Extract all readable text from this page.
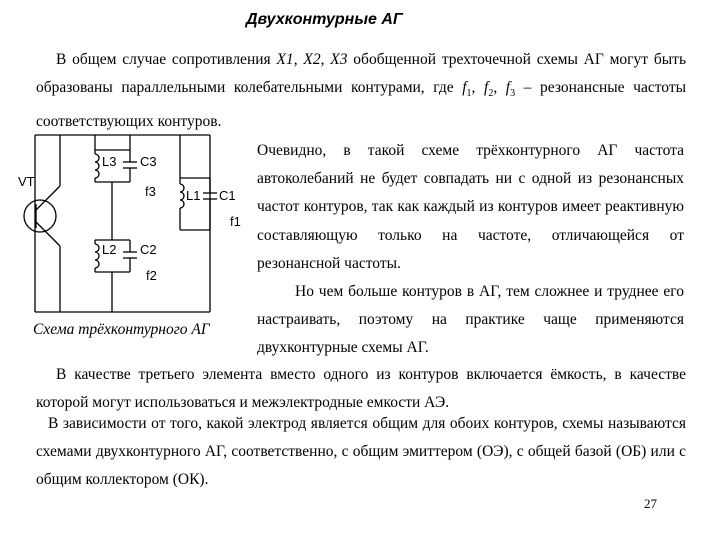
Двухконтурные АГ

В общем случае сопротивления X1, X2, X3 обобщенной трехточечной схемы АГ могут быть образованы параллельными колебательными контурами, где $f_1$, $f_2$, $f_3$ – резонансные частоты соответствующих контуров.

VT
L3 C3
f3 L1 C1
f1
L2 C2
f2
Схема трёхконтурного АГ
Очевидно, в такой схеме трёхконтурного АГ частота автоколебаний не будет совпадать ни с одной из резонансных частот контуров, так как каждый из контуров имеет реактивную составляющую только на частоте, отличающейся от резонансной частоты.
Но чем больше контуров в АГ, тем сложнее и труднее его настраивать, поэтому на практике чаще применяются двухконтурные схемы АГ.

В качестве третьего элемента вместо одного из контуров включается ёмкость, в качестве которой могут использоваться и межэлектродные емкости АЭ.

В зависимости от того, какой электрод является общим для обоих контуров, схемы называются схемами двухконтурного АГ, соответственно, с общим эмиттером (ОЭ), с общей базой (ОБ) или с общим коллектором (ОК).

27
